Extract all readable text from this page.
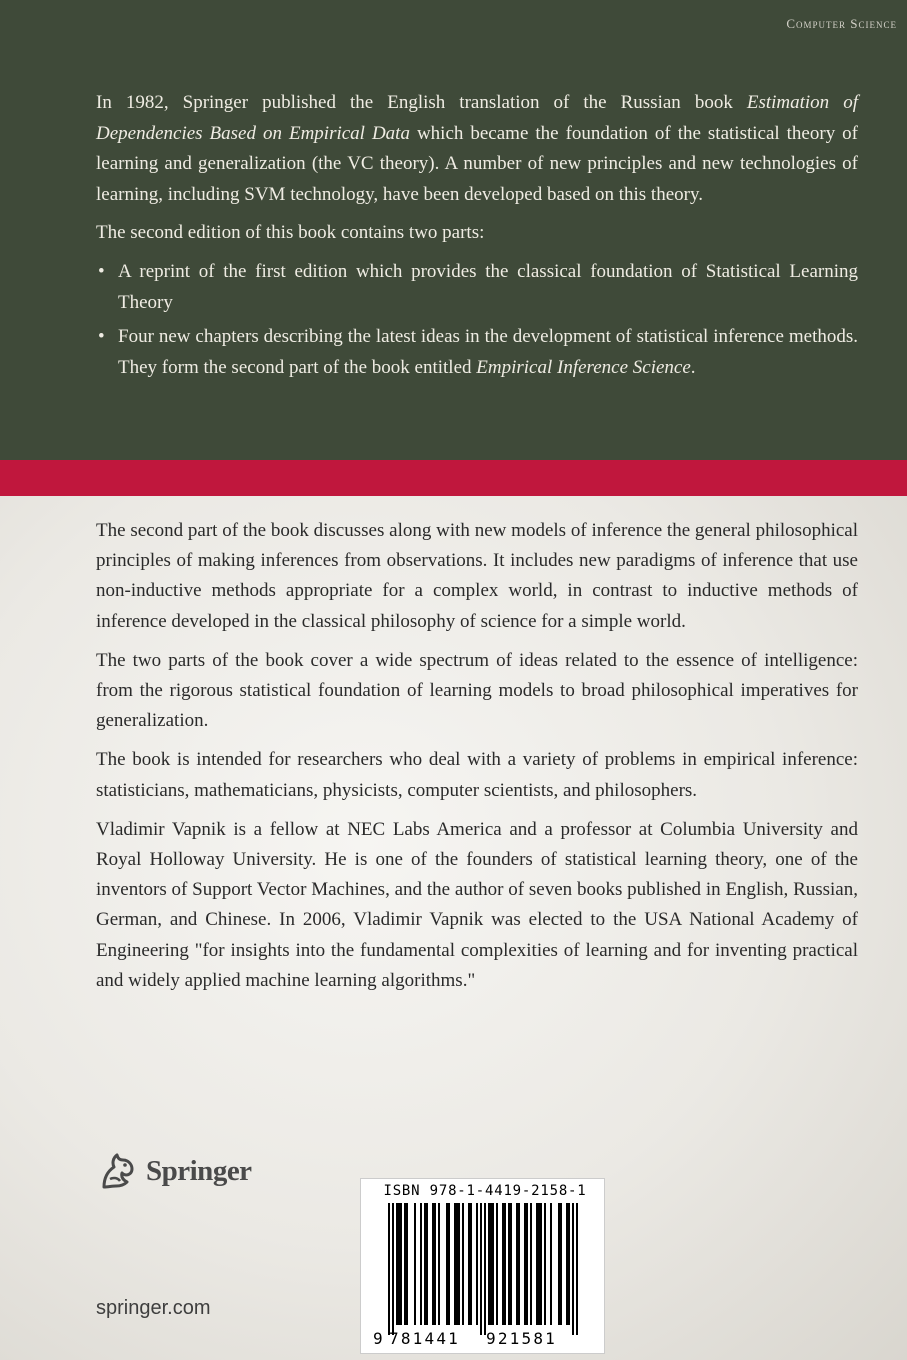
Computer Science

In 1982, Springer published the English translation of the Russian book Estimation of Dependencies Based on Empirical Data which became the foundation of the statistical theory of learning and generalization (the VC theory). A number of new principles and new technologies of learning, including SVM technology, have been developed based on this theory.

The second edition of this book contains two parts:

• A reprint of the first edition which provides the classical foundation of Statistical Learning Theory
• Four new chapters describing the latest ideas in the development of statistical inference methods. They form the second part of the book entitled Empirical Inference Science.

The second part of the book discusses along with new models of inference the general philosophical principles of making inferences from observations. It includes new paradigms of inference that use non-inductive methods appropriate for a complex world, in contrast to inductive methods of inference developed in the classical philosophy of science for a simple world.

The two parts of the book cover a wide spectrum of ideas related to the essence of intelligence: from the rigorous statistical foundation of learning models to broad philosophical imperatives for generalization.

The book is intended for researchers who deal with a variety of problems in empirical inference: statisticians, mathematicians, physicists, computer scientists, and philosophers.

Vladimir Vapnik is a fellow at NEC Labs America and a professor at Columbia University and Royal Holloway University. He is one of the founders of statistical learning theory, one of the inventors of Support Vector Machines, and the author of seven books published in English, Russian, German, and Chinese. In 2006, Vladimir Vapnik was elected to the USA National Academy of Engineering "for insights into the fundamental complexities of learning and for inventing practical and widely applied machine learning algorithms."

Springer
springer.com
ISBN 978-1-4419-2158-1
9 781441 921581
